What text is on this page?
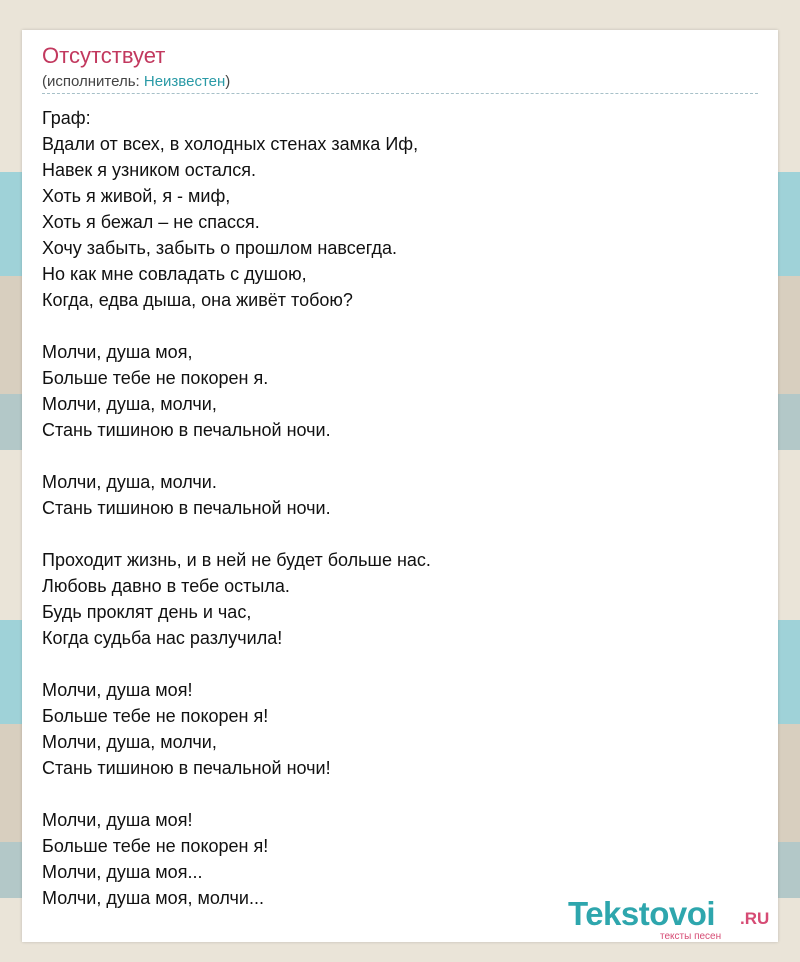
Отсутствует
(исполнитель: Неизвестен)
Граф:
Вдали от всех, в холодных стенах замка Иф,
Навек я узником остался.
Хоть я живой, я - миф,
Хоть я бежал – не спасся.
Хочу забыть, забыть о прошлом навсегда.
Но как мне совладать с душою,
Когда, едва дыша, она живёт тобою?
Молчи, душа моя,
Больше тебе не покорен я.
Молчи, душа, молчи,
Стань тишиною в печальной ночи.
Молчи, душа, молчи.
Стань тишиною в печальной ночи.
Проходит жизнь, и в ней не будет больше нас.
Любовь давно в тебе остыла.
Будь проклят день и час,
Когда судьба нас разлучила!
Молчи, душа моя!
Больше тебе не покорен я!
Молчи, душа, молчи,
Стань тишиною в печальной ночи!
Молчи, душа моя!
Больше тебе не покорен я!
Молчи, душа моя...
Молчи, душа моя, молчи...	Tekstovoi .RU
тексты песен
